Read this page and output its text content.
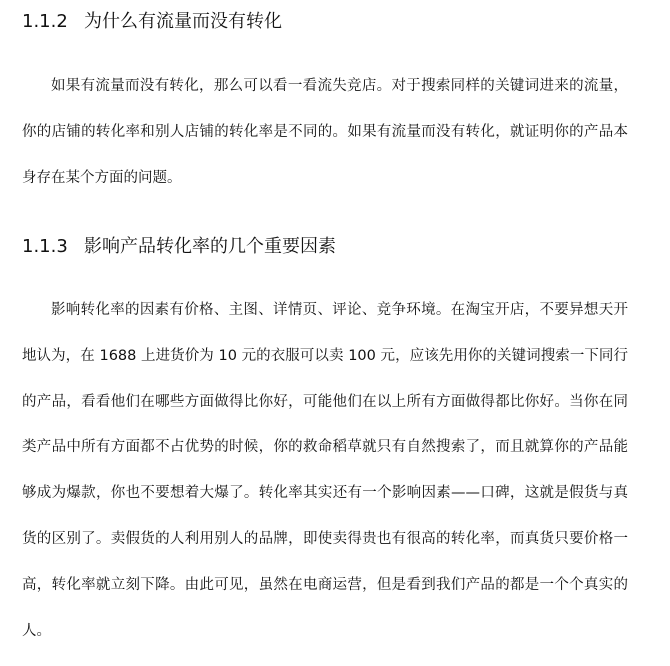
1.1.2 为什么有流量而没有转化

如果有流量而没有转化，那么可以看一看流失竞店。对于搜索同样的关键词进来的流量，你的店铺的转化率和别人店铺的转化率是不同的。如果有流量而没有转化，就证明你的产品本身存在某个方面的问题。

1.1.3 影响产品转化率的几个重要因素

影响转化率的因素有价格、主图、详情页、评论、竞争环境。在淘宝开店，不要异想天开地认为，在 1688 上进货价为 10 元的衣服可以卖 100 元，应该先用你的关键词搜索一下同行的产品，看看他们在哪些方面做得比你好，可能他们在以上所有方面做得都比你好。当你在同类产品中所有方面都不占优势的时候，你的救命稻草就只有自然搜索了，而且就算你的产品能够成为爆款，你也不要想着大爆了。转化率其实还有一个影响因素——口碑，这就是假货与真货的区别了。卖假货的人利用别人的品牌，即使卖得贵也有很高的转化率，而真货只要价格一高，转化率就立刻下降。由此可见，虽然在电商运营，但是看到我们产品的都是一个个真实的人。
